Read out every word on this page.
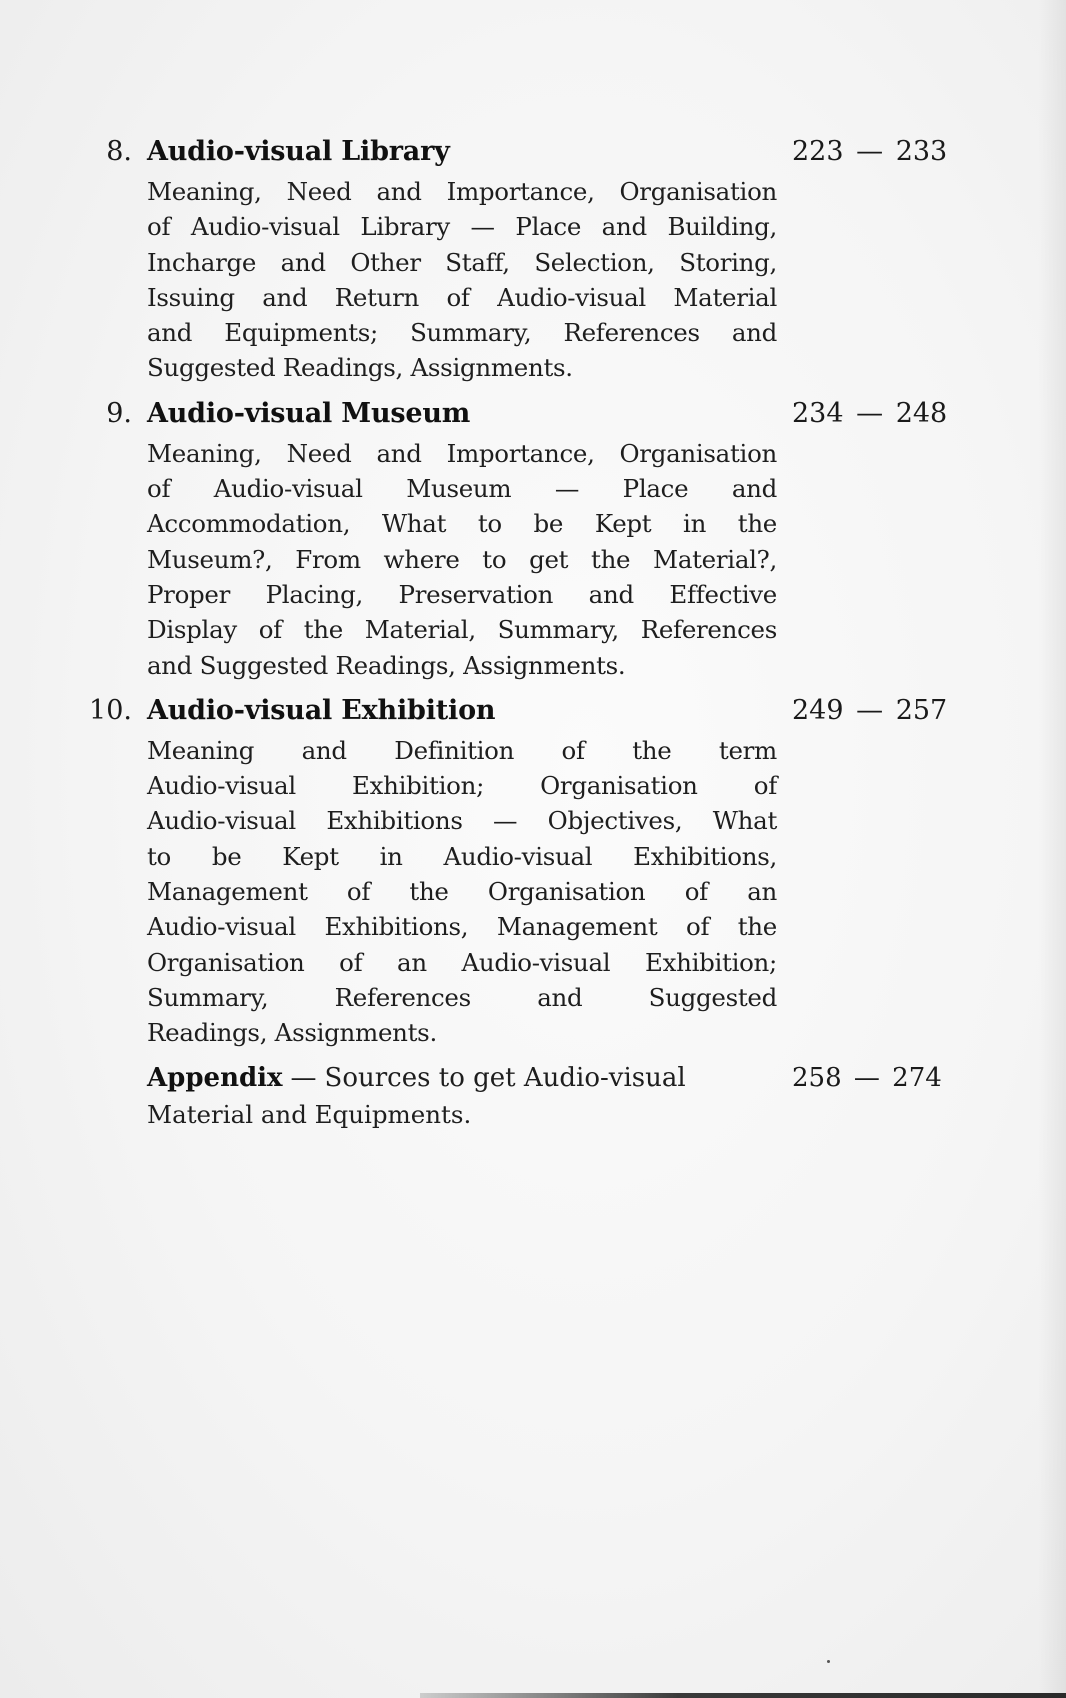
8. Audio-visual Library	223 — 233
Meaning, Need and Importance, Organisation
of Audio-visual Library — Place and Building,
Incharge and Other Staff, Selection, Storing,
Issuing and Return of Audio-visual Material
and Equipments; Summary, References and
Suggested Readings, Assignments.
9. Audio-visual Museum	234 — 248
Meaning, Need and Importance, Organisation
of Audio-visual Museum — Place and
Accommodation, What to be Kept in the
Museum?, From where to get the Material?,
Proper Placing, Preservation and Effective
Display of the Material, Summary, References
and Suggested Readings, Assignments.
10. Audio-visual Exhibition	249 — 257
Meaning and Definition of the term
Audio-visual Exhibition; Organisation of
Audio-visual Exhibitions — Objectives, What
to be Kept in Audio-visual Exhibitions,
Management of the Organisation of an
Audio-visual Exhibitions, Management of the
Organisation of an Audio-visual Exhibition;
Summary, References and Suggested
Readings, Assignments.
Appendix — Sources to get Audio-visual	258 — 274
Material and Equipments.
